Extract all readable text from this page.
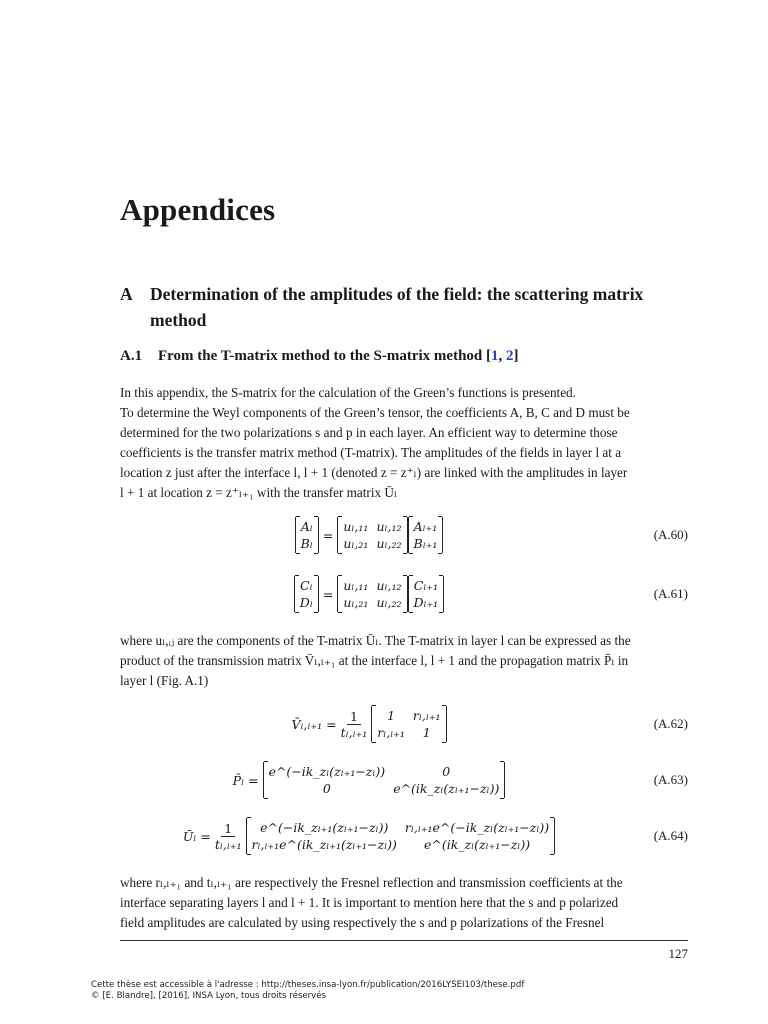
Appendices
A Determination of the amplitudes of the field: the scattering matrix method
A.1 From the T-matrix method to the S-matrix method [1, 2]
In this appendix, the S-matrix for the calculation of the Green’s functions is presented.
To determine the Weyl components of the Green’s tensor, the coefficients A, B, C and D must be
determined for the two polarizations s and p in each layer. An efficient way to determine those
coefficients is the transfer matrix method (T-matrix). The amplitudes of the fields in layer l at a
location z just after the interface l, l + 1 (denoted z = z⁺ₗ) are linked with the amplitudes in layer
l + 1 at location z = z⁺ₗ₊₁ with the transfer matrix Ūₗ
Aₗ
Bₗ
=
uₗ,₁₁ uₗ,₁₂
uₗ,₂₁ uₗ,₂₂
Aₗ₊₁
Bₗ₊₁
(A.60)
Cₗ
Dₗ
=
uₗ,₁₁ uₗ,₁₂
uₗ,₂₁ uₗ,₂₂
Cₗ₊₁
Dₗ₊₁
(A.61)
where uₗ,ᵢⱼ are the components of the T-matrix Ūₗ. The T-matrix in layer l can be expressed as the
product of the transmission matrix V̄ₗ,ₗ₊₁ at the interface l, l + 1 and the propagation matrix P̄ₗ in
layer l (Fig. A.1)
V̄ₗ,ₗ₊₁ = $\frac{1}{\text{tₗ,ₗ₊₁}}$	1	rₗ,ₗ₊₁
rₗ,ₗ₊₁	1
(A.62)
P̄ₗ =
e^(−ik_zₗ(zₗ₊₁−zₗ))	0
0	e^(ik_zₗ(zₗ₊₁−zₗ))
(A.63)
Ūₗ = $\frac{1}{\text{tₗ,ₗ₊₁}}$	e^(−ik_zₗ₊₁(zₗ₊₁−zₗ))	rₗ,ₗ₊₁e^(−ik_zₗ(zₗ₊₁−zₗ))
rₗ,ₗ₊₁e^(ik_zₗ₊₁(zₗ₊₁−zₗ))	e^(ik_zₗ(zₗ₊₁−zₗ))
(A.64)
where rₗ,ₗ₊₁ and tₗ,ₗ₊₁ are respectively the Fresnel reflection and transmission coefficients at the
interface separating layers l and l + 1. It is important to mention here that the s and p polarized
field amplitudes are calculated by using respectively the s and p polarizations of the Fresnel
127
Cette thèse est accessible à l'adresse : http://theses.insa-lyon.fr/publication/2016LYSEI103/these.pdf
© [E. Blandre], [2016], INSA Lyon, tous droits réservés
